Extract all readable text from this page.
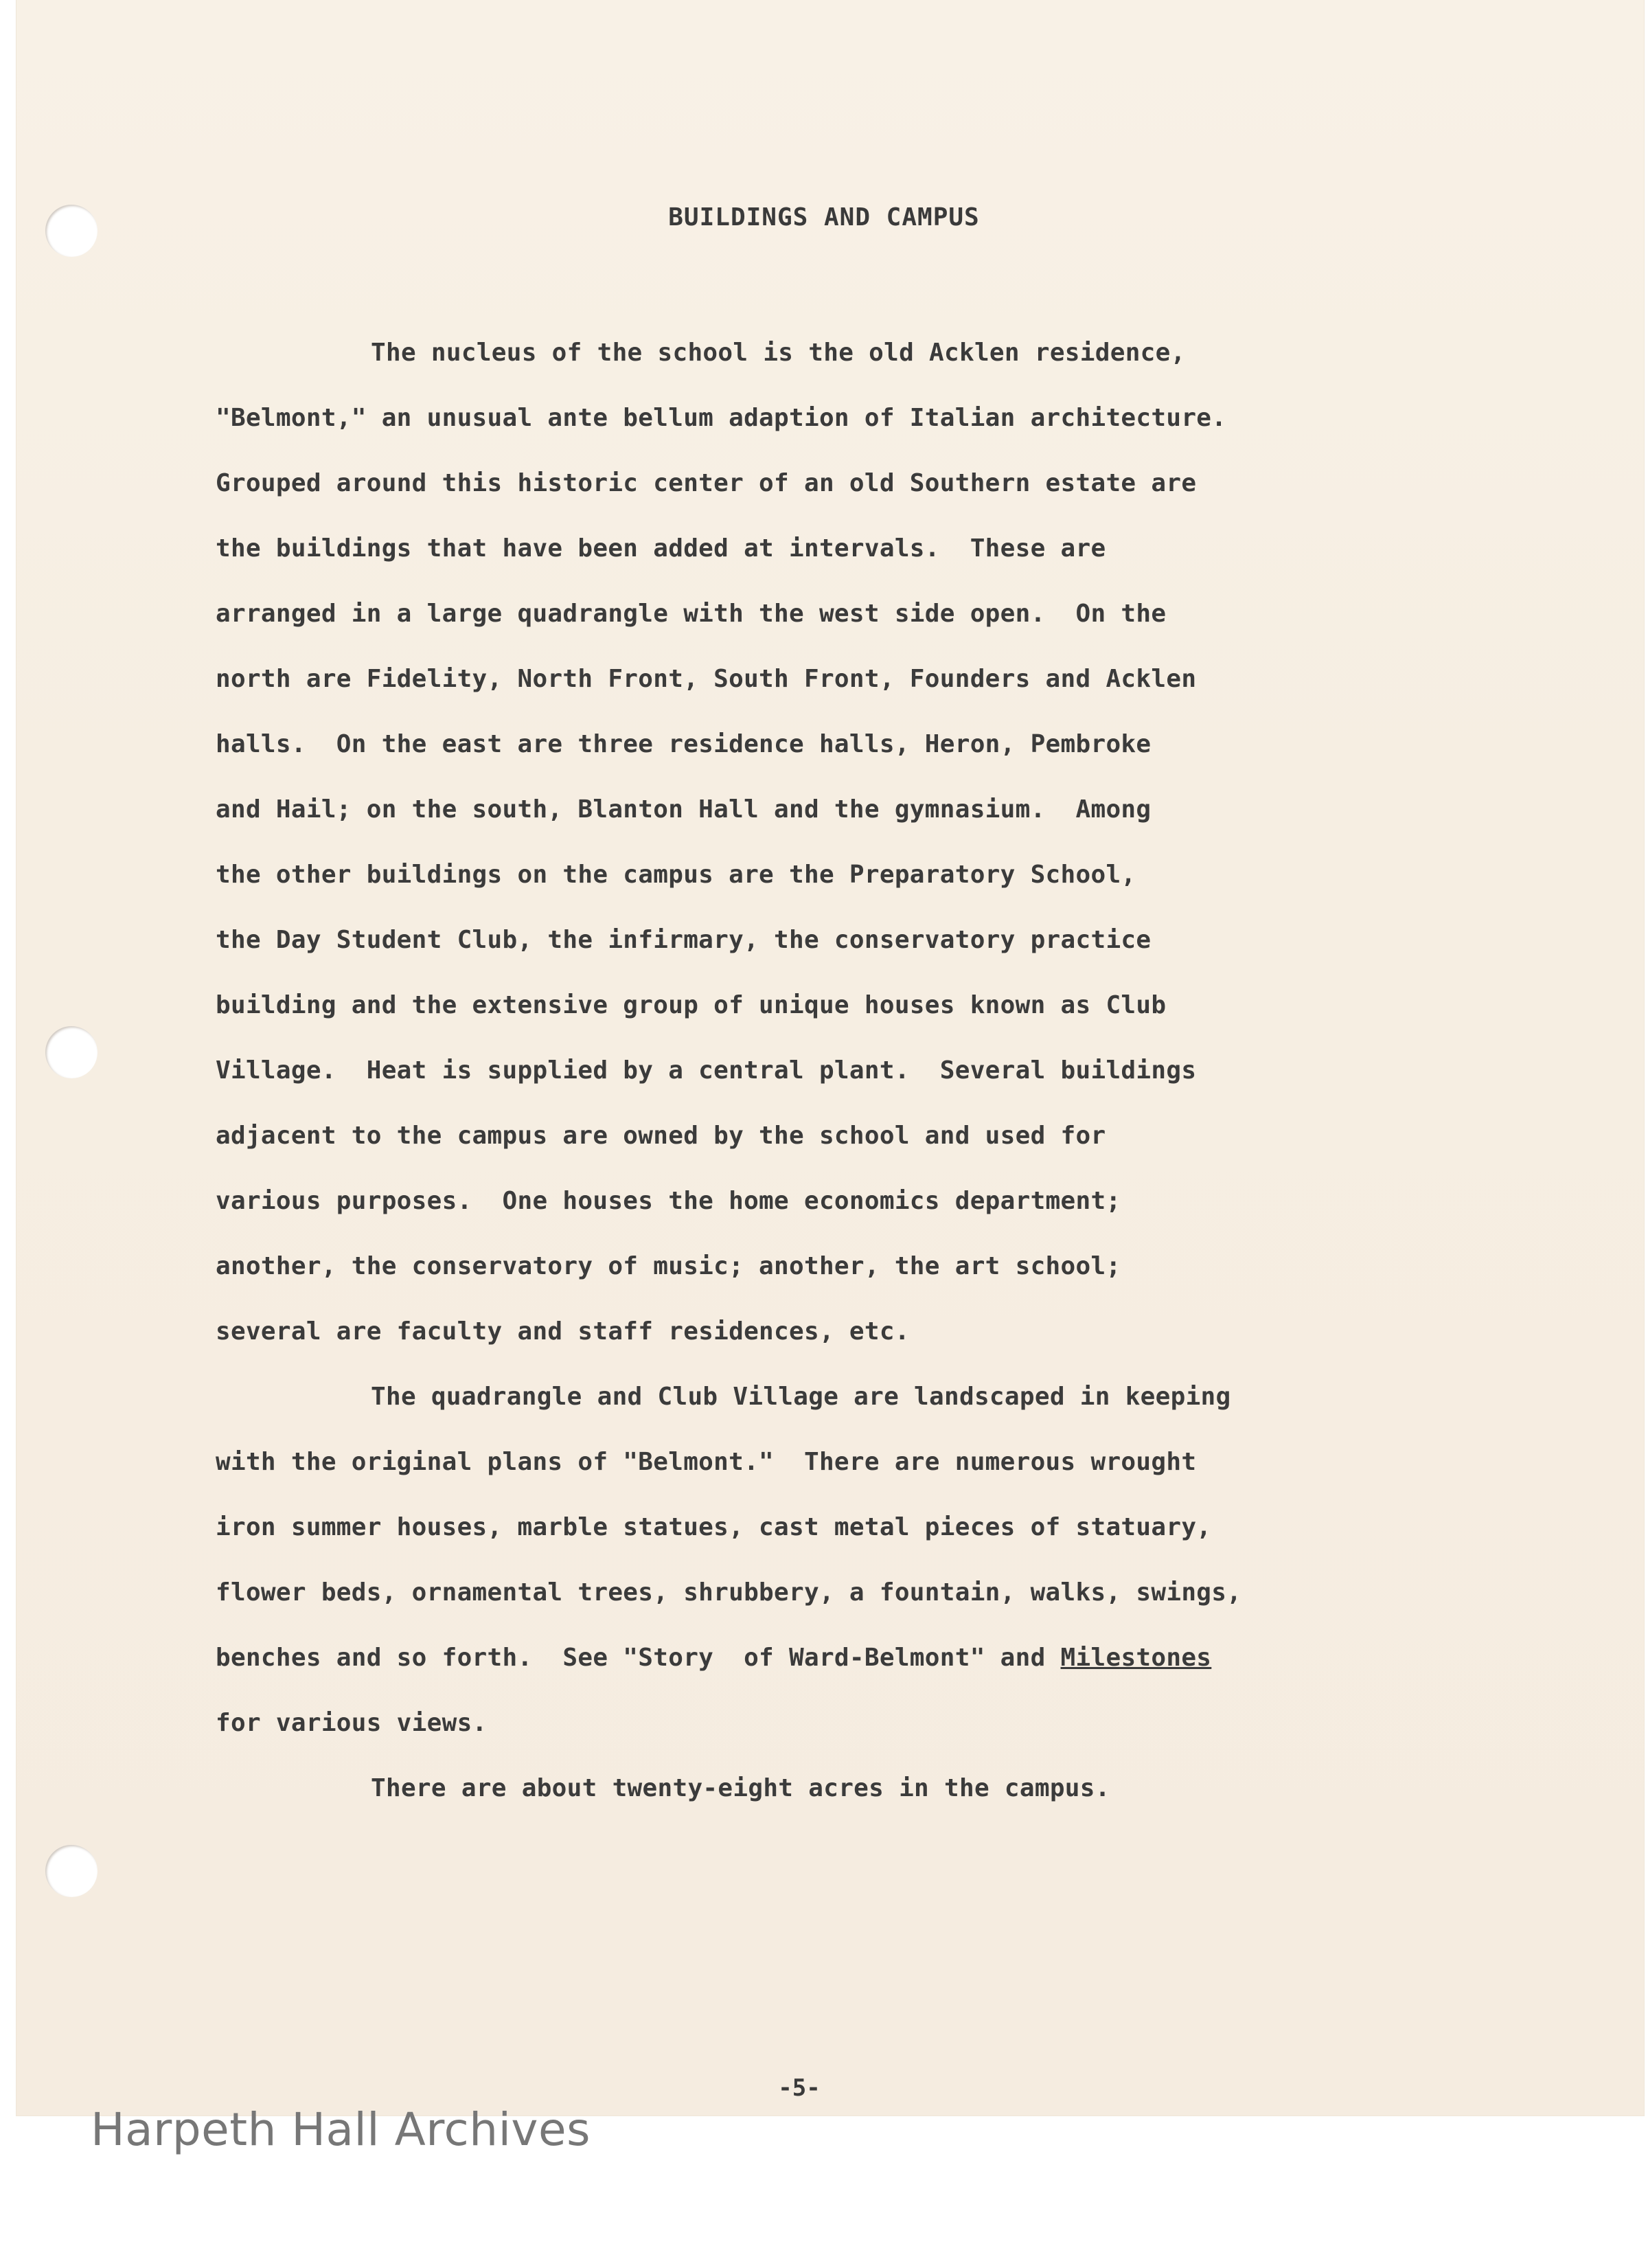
BUILDINGS AND CAMPUS
The nucleus of the school is the old Acklen residence,
"Belmont," an unusual ante bellum adaption of Italian architecture.
Grouped around this historic center of an old Southern estate are
the buildings that have been added at intervals.  These are
arranged in a large quadrangle with the west side open.  On the
north are Fidelity, North Front, South Front, Founders and Acklen
halls.  On the east are three residence halls, Heron, Pembroke
and Hail; on the south, Blanton Hall and the gymnasium.  Among
the other buildings on the campus are the Preparatory School,
the Day Student Club, the infirmary, the conservatory practice
building and the extensive group of unique houses known as Club
Village.  Heat is supplied by a central plant.  Several buildings
adjacent to the campus are owned by the school and used for
various purposes.  One houses the home economics department;
another, the conservatory of music; another, the art school;
several are faculty and staff residences, etc.
The quadrangle and Club Village are landscaped in keeping
with the original plans of "Belmont."  There are numerous wrought
iron summer houses, marble statues, cast metal pieces of statuary,
flower beds, ornamental trees, shrubbery, a fountain, walks, swings,
benches and so forth.  See "Story  of Ward-Belmont" and Milestones
for various views.
There are about twenty-eight acres in the campus.
-5-
Harpeth Hall Archives
